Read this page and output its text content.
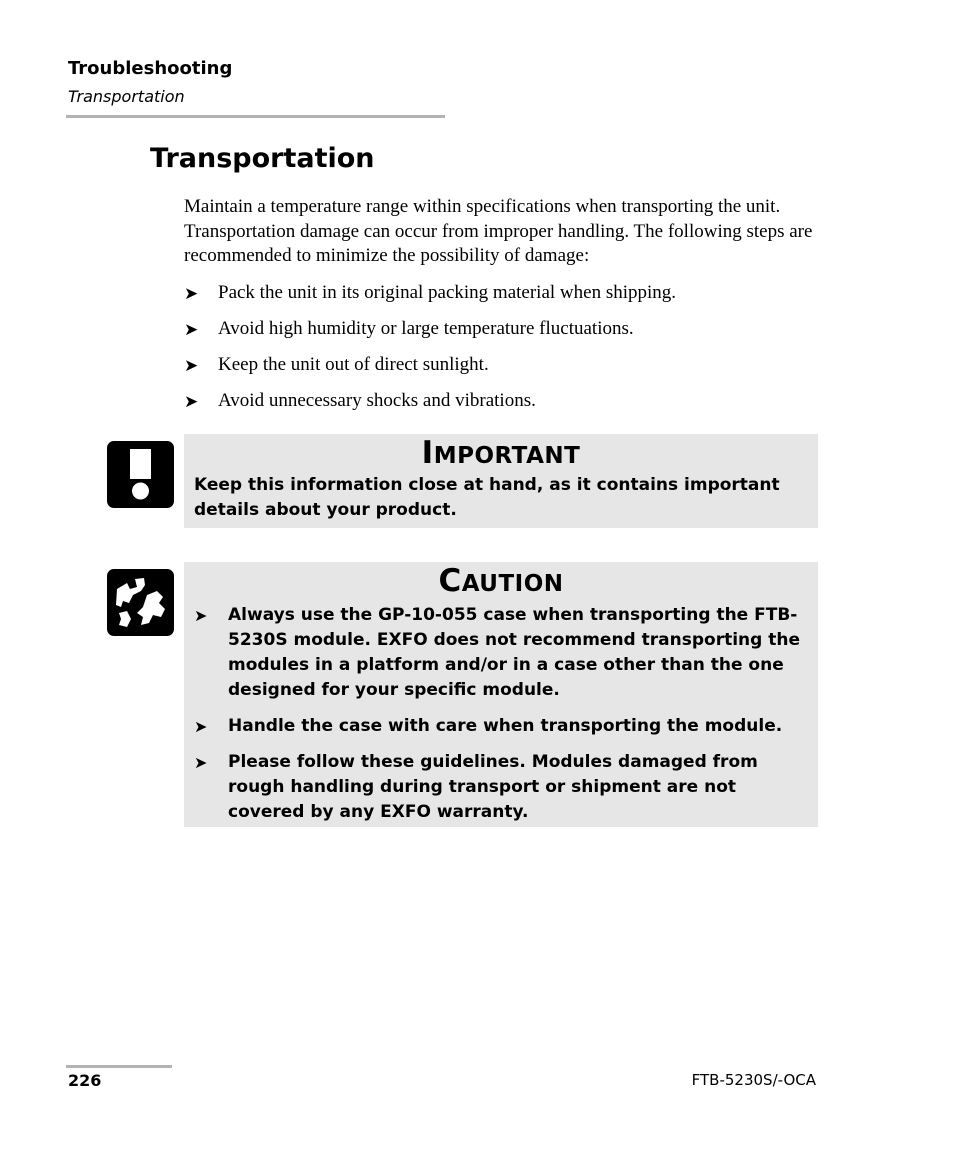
Troubleshooting
Transportation
Transportation

Maintain a temperature range within specifications when transporting the unit. Transportation damage can occur from improper handling. The following steps are recommended to minimize the possibility of damage:

➤ Pack the unit in its original packing material when shipping.
➤ Avoid high humidity or large temperature fluctuations.
➤ Keep the unit out of direct sunlight.
➤ Avoid unnecessary shocks and vibrations.
IMPORTANT
Keep this information close at hand, as it contains important details about your product.
CAUTION
➤ Always use the GP-10-055 case when transporting the FTB-5230S module. EXFO does not recommend transporting the modules in a platform and/or in a case other than the one designed for your specific module.
➤ Handle the case with care when transporting the module.
➤ Please follow these guidelines. Modules damaged from rough handling during transport or shipment are not covered by any EXFO warranty.
226	FTB-5230S/-OCA
